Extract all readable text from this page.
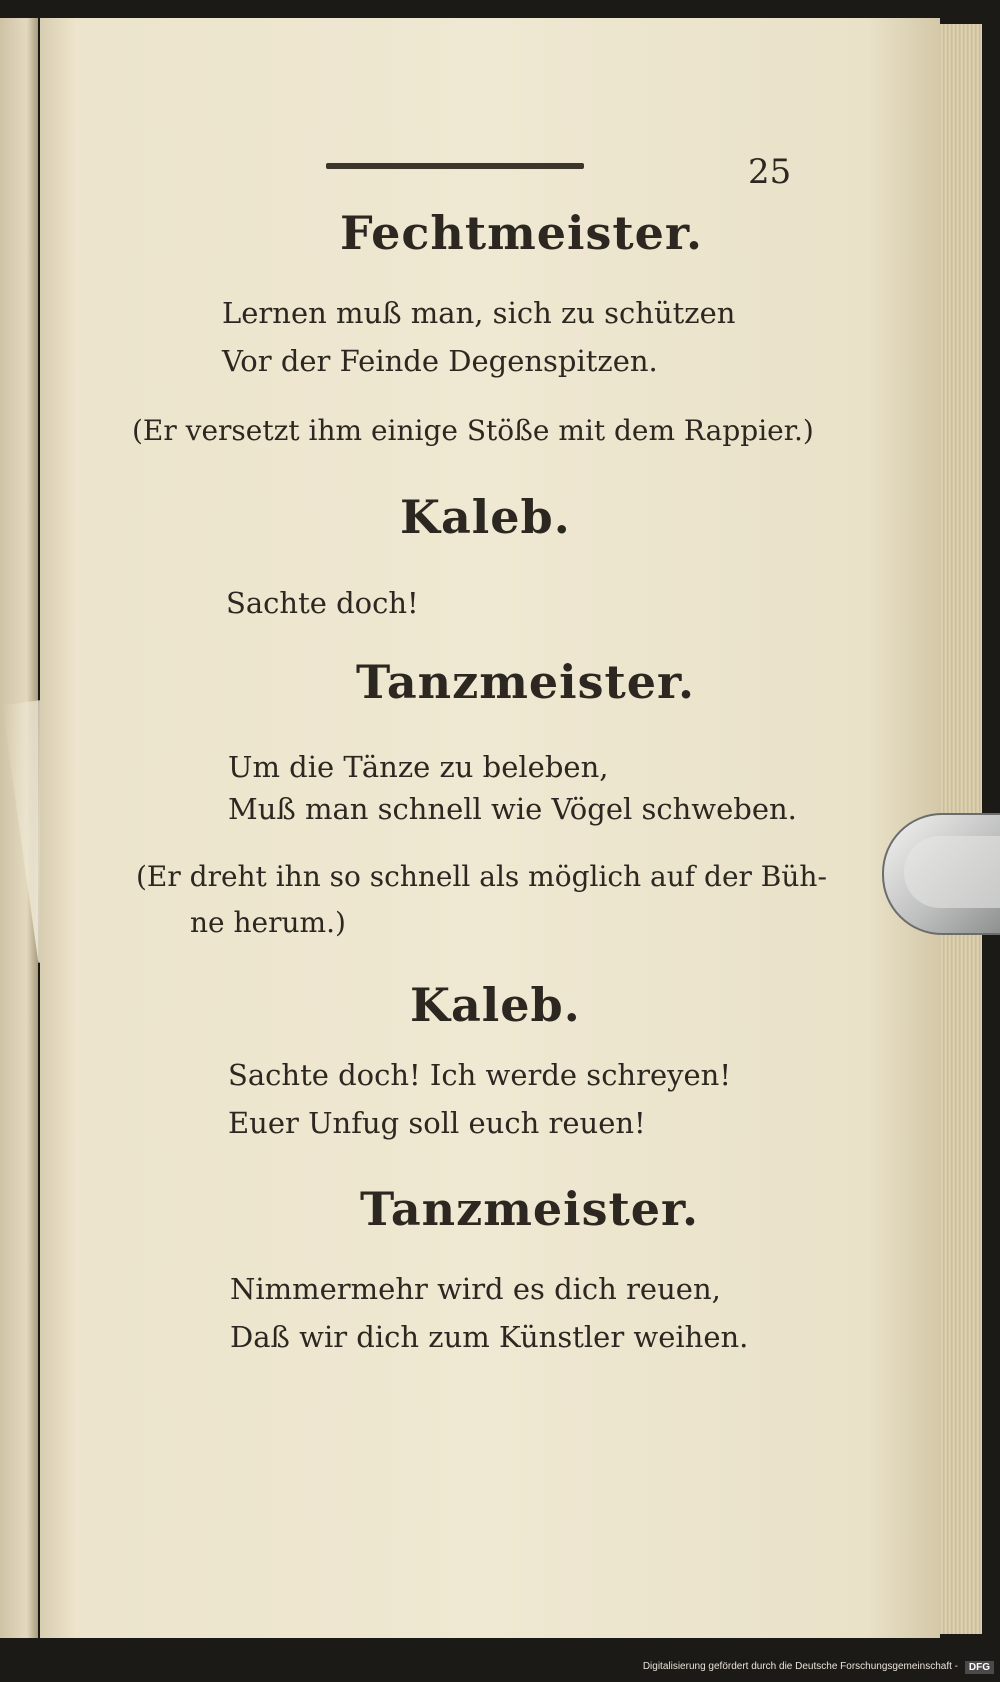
25
Fechtmeister.
Lernen muß man, sich zu schützen
Vor der Feinde Degenspitzen.
(Er versetzt ihm einige Stöße mit dem Rappier.)
Kaleb.
Sachte doch!
Tanzmeister.
Um die Tänze zu beleben,
Muß man schnell wie Vögel schweben.
(Er dreht ihn so schnell als möglich auf der Büh-
ne herum.)
Kaleb.
Sachte doch! Ich werde schreyen!
Euer Unfug soll euch reuen!
Tanzmeister.
Nimmermehr wird es dich reuen,
Daß wir dich zum Künstler weihen.
Digitalisierung gefördert durch die Deutsche Forschungsgemeinschaft -	DFG
